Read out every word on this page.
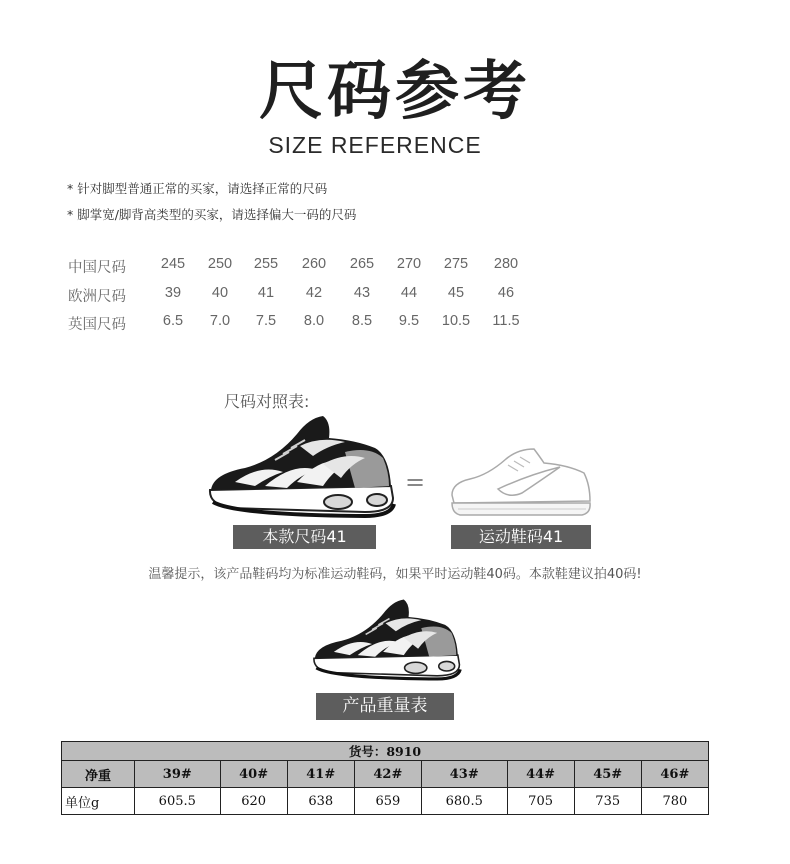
尺码参考
SIZE REFERENCE
* 针对脚型普通正常的买家，请选择正常的尺码
* 脚掌宽/脚背高类型的买家，请选择偏大一码的尺码
中国尺码	245	250	255	260	265	270	275	280
欧洲尺码	39	40	41	42	43	44	45	46
英国尺码	6.5	7.0	7.5	8.0	8.5	9.5	10.5	11.5
尺码对照表:
=
本款尺码41	运动鞋码41
温馨提示，该产品鞋码均为标准运动鞋码，如果平时运动鞋40码。本款鞋建议拍40码!
产品重量表
货号：8910								
净重	39#	40#	41#	42#	43#	44#	45#	46#
单位g	605.5	620	638	659	680.5	705	735	780
